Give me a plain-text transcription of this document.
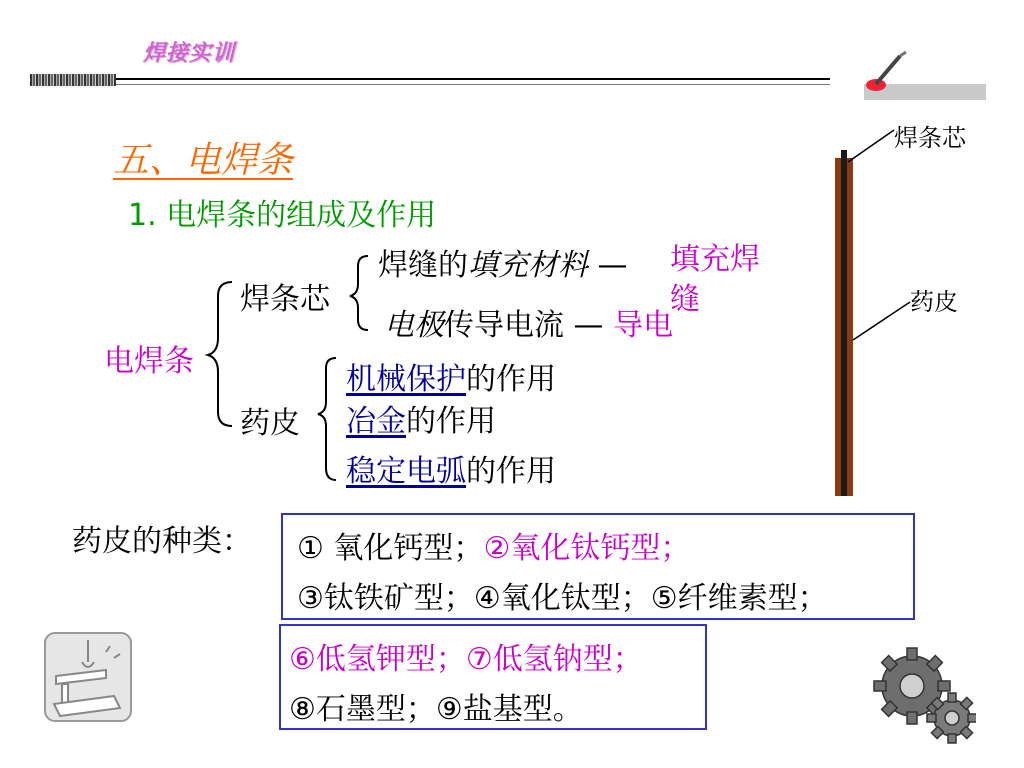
焊接实训
五、电焊条
1. 电焊条的组成及作用
电焊条
焊条芯
焊缝的填充材料 — 填充焊缝
电极传导电流 — 导电
药皮
机械保护的作用
冶金的作用
稳定电弧的作用
焊条芯
药皮
药皮的种类： ① 氧化钙型；②氧化钛钙型；
③钛铁矿型；④氧化钛型；⑤纤维素型；
⑥低氢钾型；⑦低氢钠型；
⑧石墨型；⑨盐基型。
